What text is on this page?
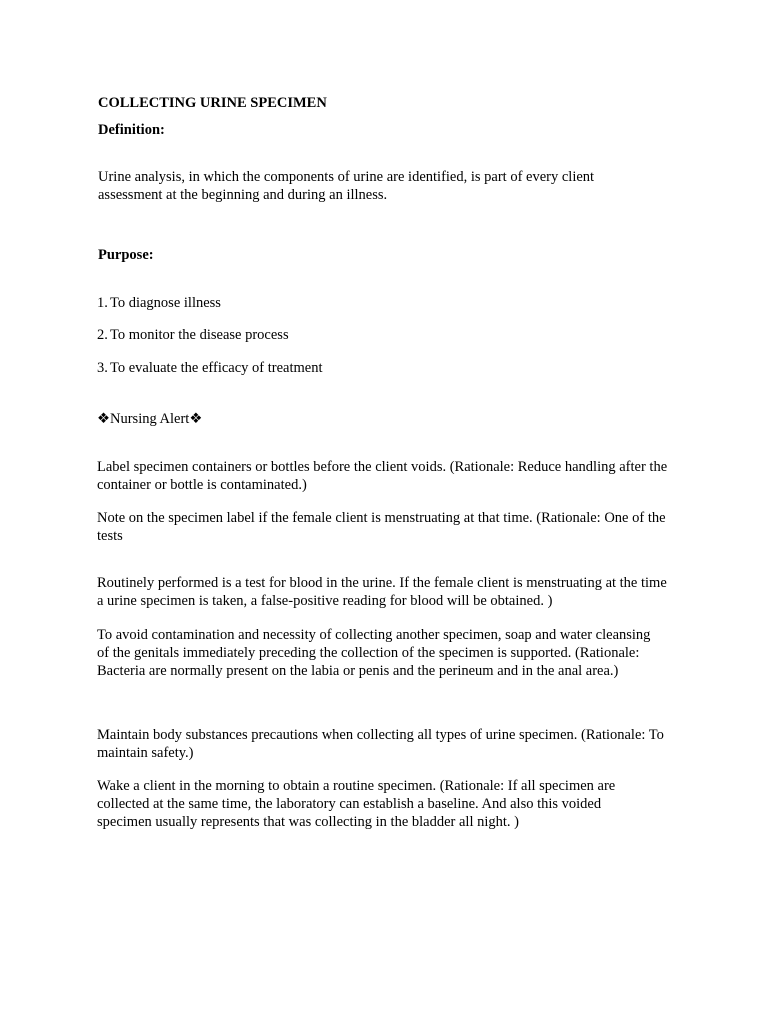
COLLECTING URINE SPECIMEN

Definition:

Urine analysis, in which the components of urine are identified, is part of every client assessment at the beginning and during an illness.

Purpose:

1. To diagnose illness

2. To monitor the disease process

3. To evaluate the efficacy of treatment

❖Nursing Alert❖

Label specimen containers or bottles before the client voids. (Rationale: Reduce handling after the container or bottle is contaminated.)

Note on the specimen label if the female client is menstruating at that time. (Rationale: One of the tests

Routinely performed is a test for blood in the urine. If the female client is menstruating at the time a urine specimen is taken, a false-positive reading for blood will be obtained. )

To avoid contamination and necessity of collecting another specimen, soap and water cleansing of the genitals immediately preceding the collection of the specimen is supported. (Rationale: Bacteria are normally present on the labia or penis and the perineum and in the anal area.)

Maintain body substances precautions when collecting all types of urine specimen. (Rationale: To maintain safety.)

Wake a client in the morning to obtain a routine specimen. (Rationale: If all specimen are collected at the same time, the laboratory can establish a baseline. And also this voided specimen usually represents that was collecting in the bladder all night. )
